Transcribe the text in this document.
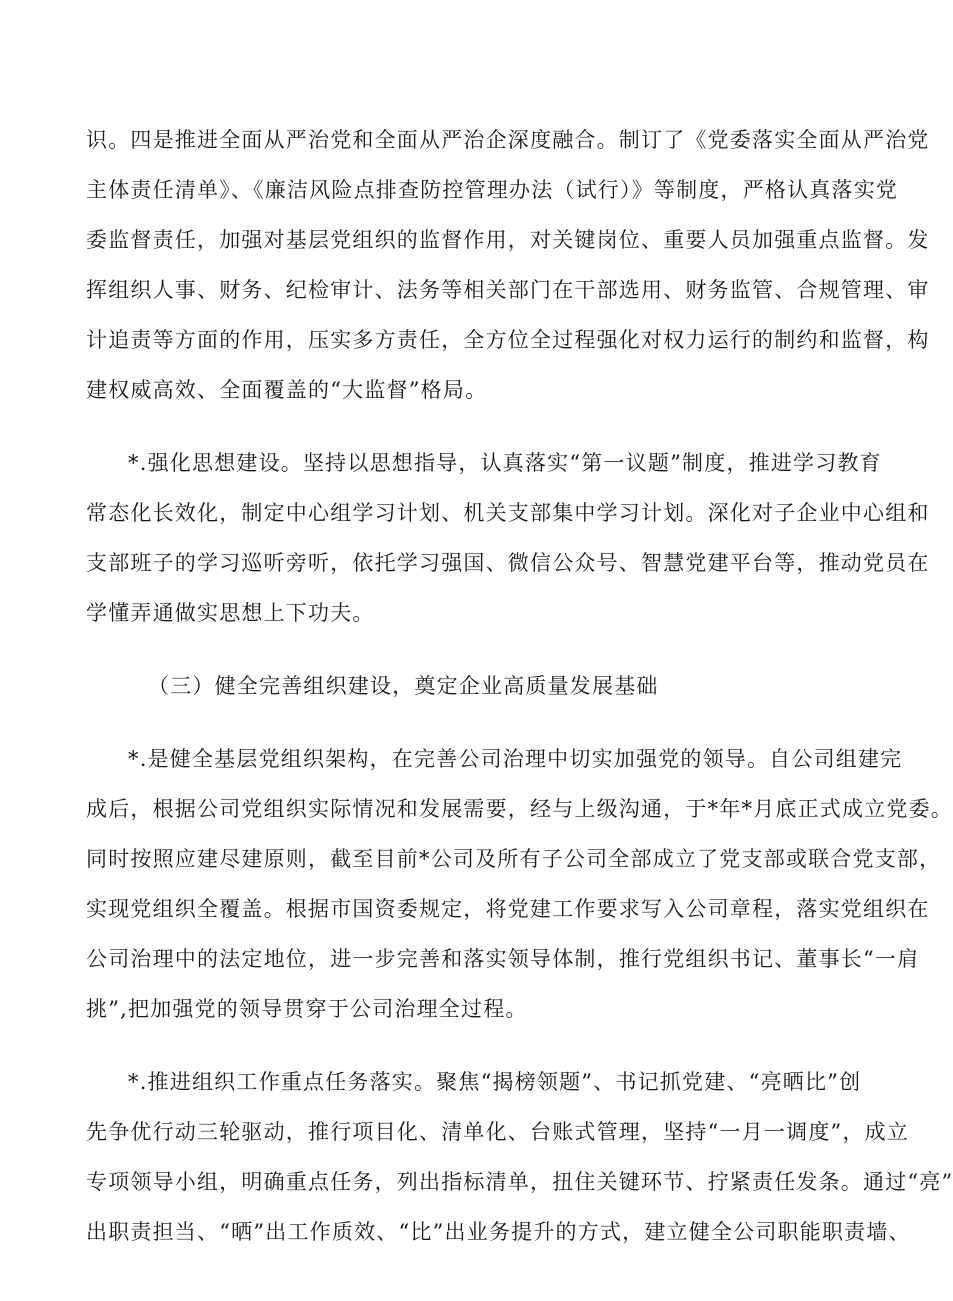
识。四是推进全面从严治党和全面从严治企深度融合。制订了《党委落实全面从严治党
主体责任清单》、《廉洁风险点排查防控管理办法（试行）》等制度，严格认真落实党
委监督责任，加强对基层党组织的监督作用，对关键岗位、重要人员加强重点监督。发
挥组织人事、财务、纪检审计、法务等相关部门在干部选用、财务监管、合规管理、审
计追责等方面的作用，压实多方责任，全方位全过程强化对权力运行的制约和监督，构
建权威高效、全面覆盖的“大监督”格局。
*.强化思想建设。坚持以思想指导，认真落实“第一议题”制度，推进学习教育
常态化长效化，制定中心组学习计划、机关支部集中学习计划。深化对子企业中心组和
支部班子的学习巡听旁听，依托学习强国、微信公众号、智慧党建平台等，推动党员在
学懂弄通做实思想上下功夫。
（三）健全完善组织建设，奠定企业高质量发展基础
*.是健全基层党组织架构，在完善公司治理中切实加强党的领导。自公司组建完
成后，根据公司党组织实际情况和发展需要，经与上级沟通，于*年*月底正式成立党委。
同时按照应建尽建原则，截至目前*公司及所有子公司全部成立了党支部或联合党支部，
实现党组织全覆盖。根据市国资委规定，将党建工作要求写入公司章程，落实党组织在
公司治理中的法定地位，进一步完善和落实领导体制，推行党组织书记、董事长“一肩
挑”,把加强党的领导贯穿于公司治理全过程。
*.推进组织工作重点任务落实。聚焦“揭榜领题”、书记抓党建、“亮晒比”创
先争优行动三轮驱动，推行项目化、清单化、台账式管理，坚持“一月一调度”，成立
专项领导小组，明确重点任务，列出指标清单，扭住关键环节、拧紧责任发条。通过“亮”
出职责担当、“晒”出工作质效、“比”出业务提升的方式，建立健全公司职能职责墙、
